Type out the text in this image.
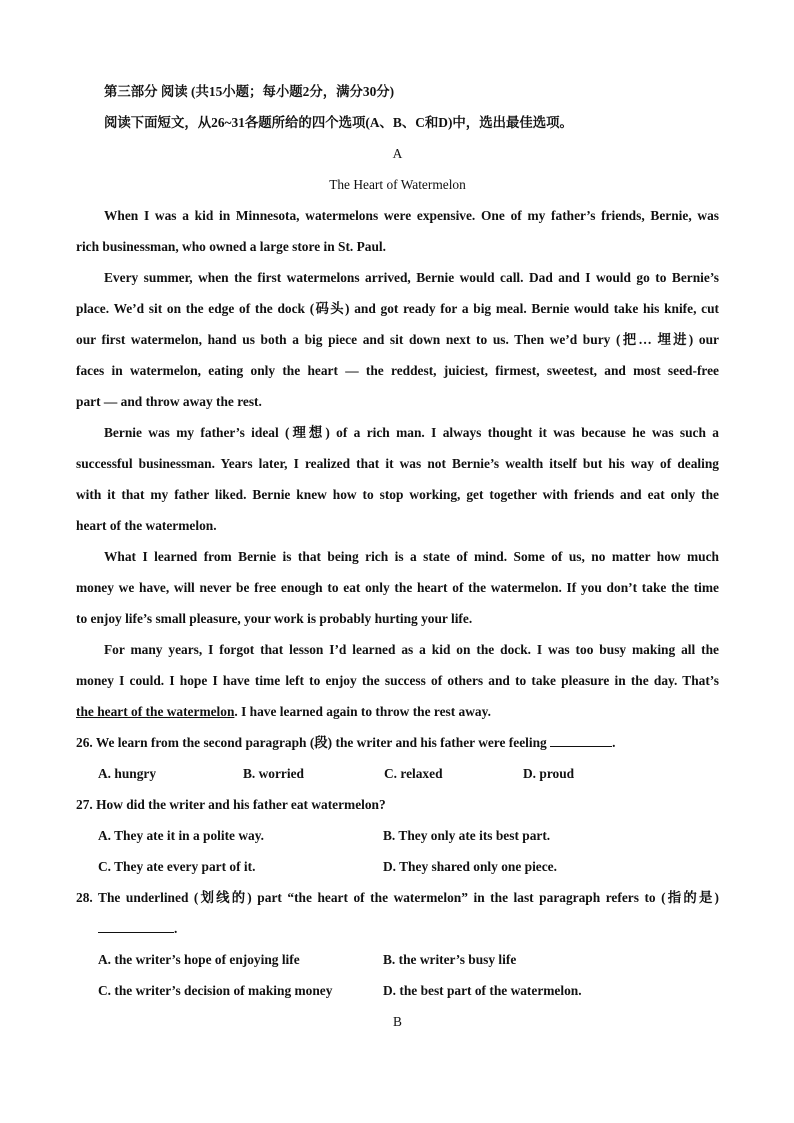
第三部分 阅读 (共15小题；每小题2分，满分30分)
阅读下面短文，从26~31各题所给的四个选项(A、B、C和D)中，选出最佳选项。
A
The Heart of Watermelon
When I was a kid in Minnesota, watermelons were expensive. One of my father’s friends, Bernie, was
rich businessman, who owned a large store in St. Paul.
Every summer, when the first watermelons arrived, Bernie would call. Dad and I would go to Bernie’s
place. We’d sit on the edge of the dock (码头) and got ready for a big meal. Bernie would take his knife, cut
our first watermelon, hand us both a big piece and sit down next to us. Then we’d bury (把… 埋进) our
faces in watermelon, eating only the heart — the reddest, juiciest, firmest, sweetest, and most seed-free
part — and throw away the rest.
Bernie was my father’s ideal (理想) of a rich man. I always thought it was because he was such a
successful businessman. Years later, I realized that it was not Bernie’s wealth itself but his way of dealing
with it that my father liked. Bernie knew how to stop working, get together with friends and eat only the
heart of the watermelon.
What I learned from Bernie is that being rich is a state of mind. Some of us, no matter how much
money we have, will never be free enough to eat only the heart of the watermelon. If you don’t take the time
to enjoy life’s small pleasure, your work is probably hurting your life.
For many years, I forgot that lesson I’d learned as a kid on the dock. I was too busy making all the
money I could. I hope I have time left to enjoy the success of others and to take pleasure in the day. That’s
the heart of the watermelon. I have learned again to throw the rest away.
26. We learn from the second paragraph (段) the writer and his father were feeling	.
A. hungry	B. worried	C. relaxed	D. proud
27. How did the writer and his father eat watermelon?
A. They ate it in a polite way.	B. They only ate its best part.
C. They ate every part of it.	D. They shared only one piece.
28. The underlined (划线的) part “the heart of the watermelon” in the last paragraph refers to (指的是)
.
A. the writer’s hope of enjoying life	B. the writer’s busy life
C. the writer’s decision of making money	D. the best part of the watermelon.
B
